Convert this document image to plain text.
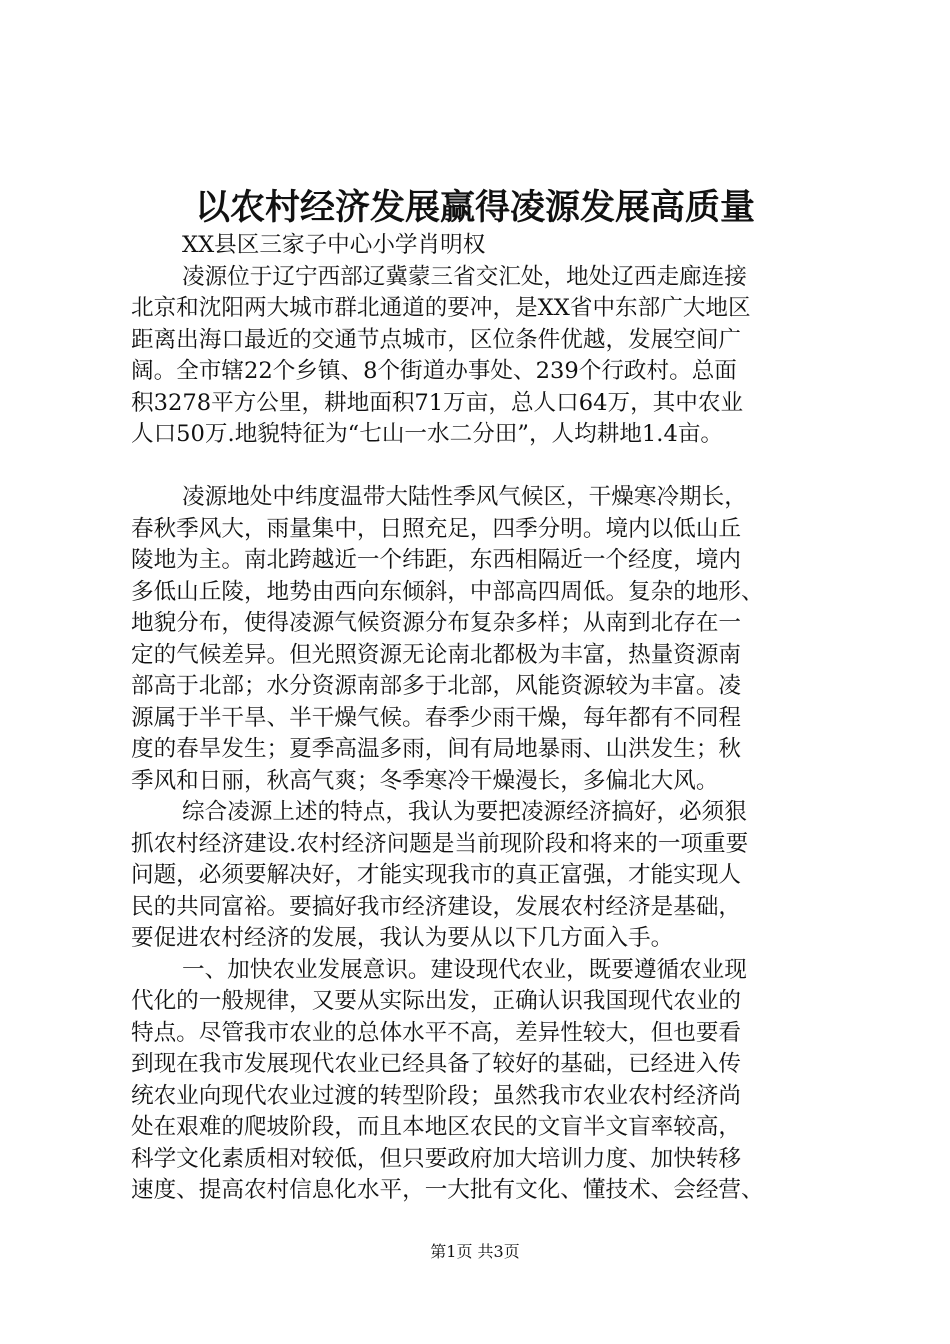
以农村经济发展赢得凌源发展高质量
XX县区三家子中心小学肖明权
凌源位于辽宁西部辽冀蒙三省交汇处，地处辽西走廊连接
北京和沈阳两大城市群北通道的要冲，是XX省中东部广大地区
距离出海口最近的交通节点城市，区位条件优越，发展空间广
阔。全市辖22个乡镇、8个街道办事处、239个行政村。总面
积3278平方公里，耕地面积71万亩，总人口64万，其中农业
人口50万.地貌特征为“七山一水二分田”，人均耕地1.4亩。
凌源地处中纬度温带大陆性季风气候区，干燥寒冷期长，
春秋季风大，雨量集中，日照充足，四季分明。境内以低山丘
陵地为主。南北跨越近一个纬距，东西相隔近一个经度，境内
多低山丘陵，地势由西向东倾斜，中部高四周低。复杂的地形、
地貌分布，使得凌源气候资源分布复杂多样；从南到北存在一
定的气候差异。但光照资源无论南北都极为丰富，热量资源南
部高于北部；水分资源南部多于北部，风能资源较为丰富。凌
源属于半干旱、半干燥气候。春季少雨干燥，每年都有不同程
度的春旱发生；夏季高温多雨，间有局地暴雨、山洪发生；秋
季风和日丽，秋高气爽；冬季寒冷干燥漫长，多偏北大风。
综合凌源上述的特点，我认为要把凌源经济搞好，必须狠
抓农村经济建设.农村经济问题是当前现阶段和将来的一项重要
问题，必须要解决好，才能实现我市的真正富强，才能实现人
民的共同富裕。要搞好我市经济建设，发展农村经济是基础，
要促进农村经济的发展，我认为要从以下几方面入手。
一、加快农业发展意识。建设现代农业，既要遵循农业现
代化的一般规律，又要从实际出发，正确认识我国现代农业的
特点。尽管我市农业的总体水平不高，差异性较大，但也要看
到现在我市发展现代农业已经具备了较好的基础，已经进入传
统农业向现代农业过渡的转型阶段；虽然我市农业农村经济尚
处在艰难的爬坡阶段，而且本地区农民的文盲半文盲率较高，
科学文化素质相对较低，但只要政府加大培训力度、加快转移
速度、提高农村信息化水平，一大批有文化、懂技术、会经营、
第1页 共3页
